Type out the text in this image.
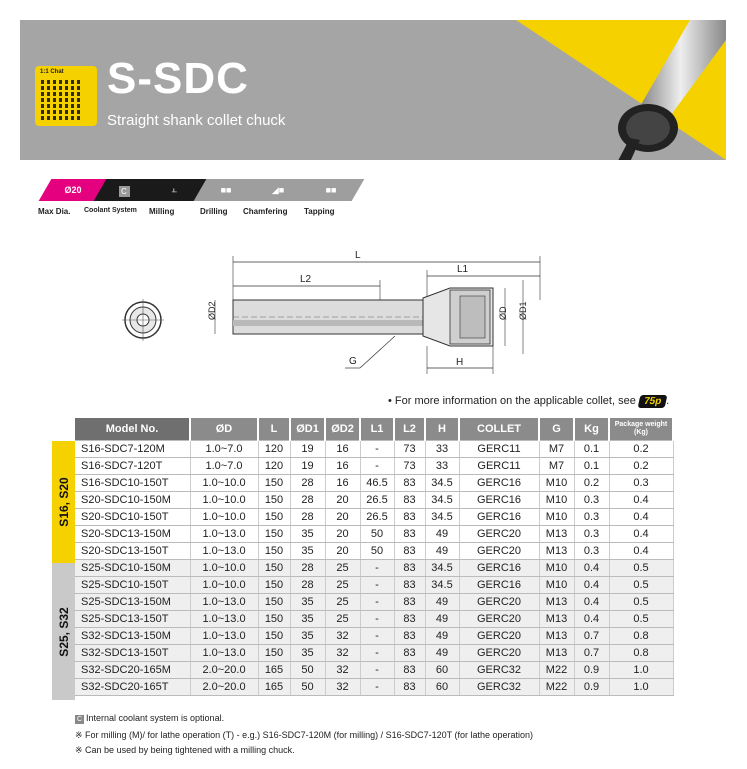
1:1 Chat S-SDC
Straight shank collet chuck
Ø20	C	⫠	■■	◢■	■■
Max Dia. Coolant System Milling	Drilling Chamfering Tapping
L
L2
L1
ØD2	ØD ØD1
H
G
• For more information on the applicable collet, see 75p .
S16, S20
S25, S32
Model No.	ØD	L	ØD1	ØD2	L1	L2	H	COLLET	G	Kg	Package weight (Kg)
S16-SDC7-120M	1.0~7.0	120	19	16	-	73	33	GERC11	M7	0.1	0.2
S16-SDC7-120T	1.0~7.0	120	19	16	-	73	33	GERC11	M7	0.1	0.2
S16-SDC10-150T	1.0~10.0	150	28	16	46.5	83	34.5	GERC16	M10	0.2	0.3
S20-SDC10-150M	1.0~10.0	150	28	20	26.5	83	34.5	GERC16	M10	0.3	0.4
S20-SDC10-150T	1.0~10.0	150	28	20	26.5	83	34.5	GERC16	M10	0.3	0.4
S20-SDC13-150M	1.0~13.0	150	35	20	50	83	49	GERC20	M13	0.3	0.4
S20-SDC13-150T	1.0~13.0	150	35	20	50	83	49	GERC20	M13	0.3	0.4
S25-SDC10-150M	1.0~10.0	150	28	25	-	83	34.5	GERC16	M10	0.4	0.5
S25-SDC10-150T	1.0~10.0	150	28	25	-	83	34.5	GERC16	M10	0.4	0.5
S25-SDC13-150M	1.0~13.0	150	35	25	-	83	49	GERC20	M13	0.4	0.5
S25-SDC13-150T	1.0~13.0	150	35	25	-	83	49	GERC20	M13	0.4	0.5
S32-SDC13-150M	1.0~13.0	150	35	32	-	83	49	GERC20	M13	0.7	0.8
S32-SDC13-150T	1.0~13.0	150	35	32	-	83	49	GERC20	M13	0.7	0.8
S32-SDC20-165M	2.0~20.0	165	50	32	-	83	60	GERC32	M22	0.9	1.0
S32-SDC20-165T	2.0~20.0	165	50	32	-	83	60	GERC32	M22	0.9	1.0
C Internal coolant system is optional.
※ For milling (M)/ for lathe operation (T) - e.g.) S16-SDC7-120M (for milling) / S16-SDC7-120T (for lathe operation)
※ Can be used by being tightened with a milling chuck.
